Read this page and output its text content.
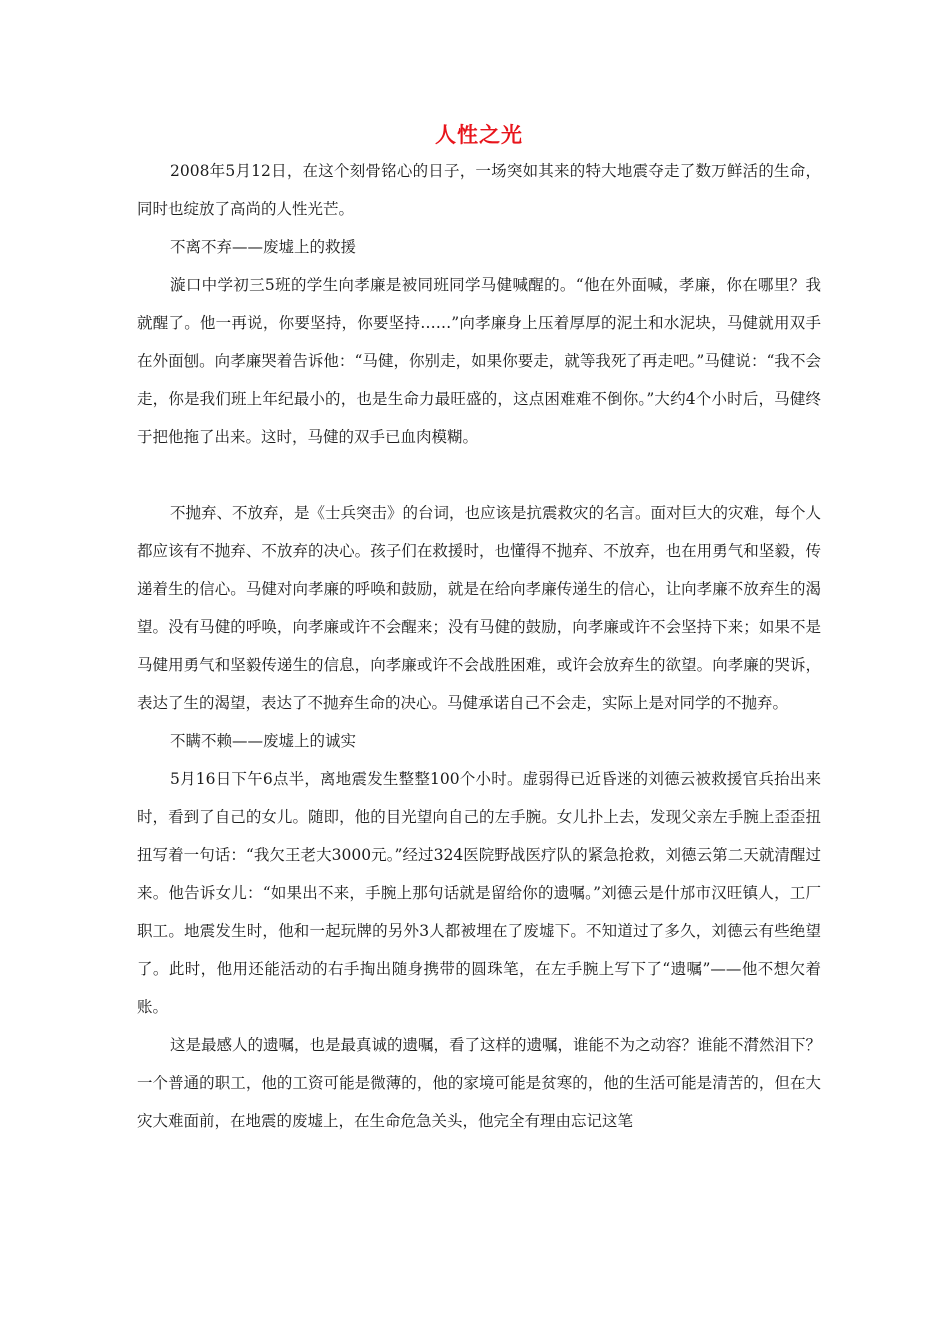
人性之光

2008年5月12日，在这个刻骨铭心的日子，一场突如其来的特大地震夺走了数万鲜活的生命，同时也绽放了高尚的人性光芒。

不离不弃——废墟上的救援

漩口中学初三5班的学生向孝廉是被同班同学马健喊醒的。“他在外面喊，孝廉，你在哪里？我就醒了。他一再说，你要坚持，你要坚持……”向孝廉身上压着厚厚的泥土和水泥块，马健就用双手在外面刨。向孝廉哭着告诉他：“马健，你别走，如果你要走，就等我死了再走吧。”马健说：“我不会走，你是我们班上年纪最小的，也是生命力最旺盛的，这点困难难不倒你。”大约4个小时后，马健终于把他拖了出来。这时，马健的双手已血肉模糊。

不抛弃、不放弃，是《士兵突击》的台词，也应该是抗震救灾的名言。面对巨大的灾难，每个人都应该有不抛弃、不放弃的决心。孩子们在救援时，也懂得不抛弃、不放弃，也在用勇气和坚毅，传递着生的信心。马健对向孝廉的呼唤和鼓励，就是在给向孝廉传递生的信心，让向孝廉不放弃生的渴望。没有马健的呼唤，向孝廉或许不会醒来；没有马健的鼓励，向孝廉或许不会坚持下来；如果不是马健用勇气和坚毅传递生的信息，向孝廉或许不会战胜困难，或许会放弃生的欲望。向孝廉的哭诉，表达了生的渴望，表达了不抛弃生命的决心。马健承诺自己不会走，实际上是对同学的不抛弃。

不瞒不赖——废墟上的诚实

5月16日下午6点半，离地震发生整整100个小时。虚弱得已近昏迷的刘德云被救援官兵抬出来时，看到了自己的女儿。随即，他的目光望向自己的左手腕。女儿扑上去，发现父亲左手腕上歪歪扭扭写着一句话：“我欠王老大3000元。”经过324医院野战医疗队的紧急抢救，刘德云第二天就清醒过来。他告诉女儿：“如果出不来，手腕上那句话就是留给你的遗嘱。”刘德云是什邡市汉旺镇人，工厂职工。地震发生时，他和一起玩牌的另外3人都被埋在了废墟下。不知道过了多久，刘德云有些绝望了。此时，他用还能活动的右手掏出随身携带的圆珠笔，在左手腕上写下了“遗嘱”——他不想欠着账。

这是最感人的遗嘱，也是最真诚的遗嘱，看了这样的遗嘱，谁能不为之动容？谁能不潸然泪下？一个普通的职工，他的工资可能是微薄的，他的家境可能是贫寒的，他的生活可能是清苦的，但在大灾大难面前，在地震的废墟上，在生命危急关头，他完全有理由忘记这笔
